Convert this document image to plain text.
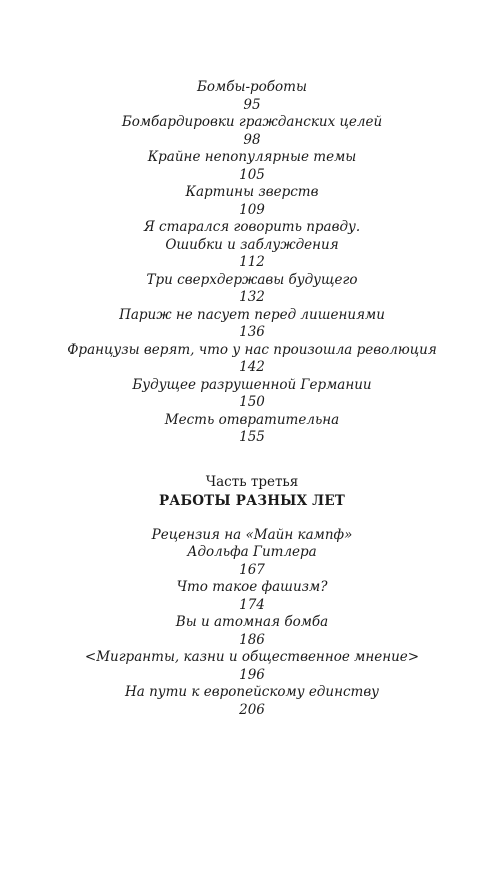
Бомбы-роботы
95
Бомбардировки гражданских целей
98
Крайне непопулярные темы
105
Картины зверств
109
Я старался говорить правду.
Ошибки и заблуждения
112
Три сверхдержавы будущего
132
Париж не пасует перед лишениями
136
Французы верят, что у нас произошла революция
142
Будущее разрушенной Германии
150
Месть отвратительна
155
Часть третья
РАБОТЫ РАЗНЫХ ЛЕТ
Рецензия на «Майн кампф»
Адольфа Гитлера
167
Что такое фашизм?
174
Вы и атомная бомба
186
<Мигранты, казни и общественное мнение>
196
На пути к европейскому единству
206
